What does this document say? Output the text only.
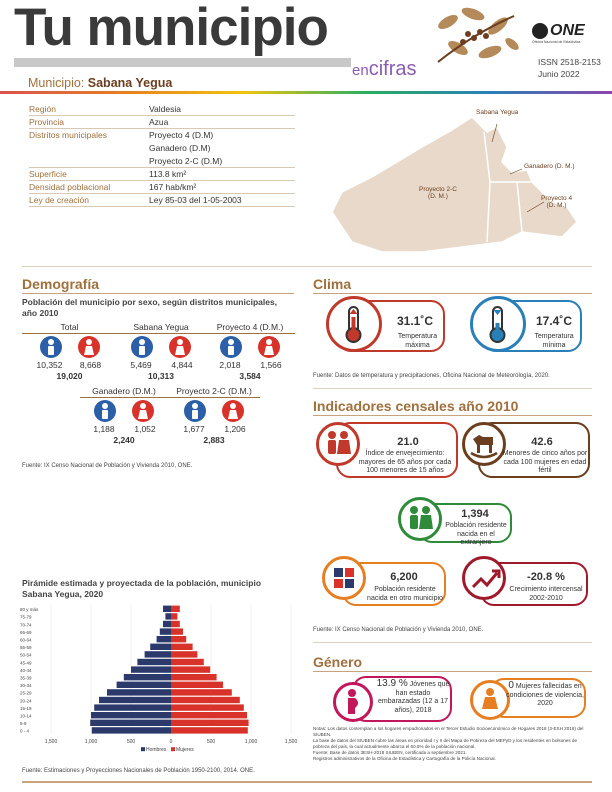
Tu municipio
encifras
ONE
Oficina Nacional de Estadística
ISSN 2518-2153
Junio 2022
Municipio: Sabana Yegua
Región	Valdesia
Provincia	Azua
Distritos municipales	Proyecto 4 (D.M)
Ganadero (D.M)
Proyecto 2-C (D.M)
Superficie	113.8 km²
Densidad poblacional	167 hab/km²
Ley de creación	Ley 85-03 del 1-05-2003
Sabana Yegua
Proyecto 2-C
(D. M.)
Ganadero (D. M.)
Proyecto 4
(D. M.)
Demografía
Población del municipio por sexo, según distritos municipales, año 2010
Total
10,352	8,668
19,020
Sabana Yegua
5,469	4,844
10,313
Proyecto 4 (D.M.)
2,018	1,566
3,584
Ganadero (D.M.)
1,188	1,052
2,240
Proyecto 2-C (D.M.)
1,677	1,206
2,883
Fuente: IX Censo Nacional de Población y Vivienda 2010, ONE.
Pirámide estimada y proyectada de la población, municipio Sabana Yegua, 2020
80 y más
75-79
70-74
65-69
60-64
55-59
50-54
45-49
40-44
35-39
30-34
25-29
20-24
15-19
10-14
5-9
0 - 4
1,500	1,000	500	0	500	1,000	1,500
Hombres Mujeres
Fuente: Estimaciones y Proyecciones Nacionales de Población 1950-2100, 2014. ONE.
Clima
31.1˚C
Temperatura máxima
17.4˚C
Temperatura mínima
Fuente: Datos de temperatura y precipitaciones, Oficina Nacional de Meteorología, 2020.
Indicadores censales año 2010
21.0
Índice de envejecimiento: mayores de 65 años por cada 100 menores de 15 años
42.6
Menores de cinco años por cada 100 mujeres en edad fértil
1,394
Población residente nacida en el extranjero
6,200
Población residente nacida en otro municipio
-20.8 %
Crecimiento intercensal 2002-2010
Fuente: IX Censo Nacional de Población y Vivienda 2010, ONE.
Género
13.9 % Jóvenes que han estado embarazadas (12 a 17 años), 2018
0 Mujeres fallecidas en condiciones de violencia, 2020
Notas: Los datos contemplan a los hogares empadronados en el Tercer Estudio Socioeconómico de Hogares 2018 (3-ESH 2018) del SIUBEN.
La base de datos del SIUBEN cubre las áreas en prioridad I y II del Mapa de Pobreza del MEPyD y los residentes en bolsones de pobreza del país, la cual actualmente abarca el 60.5% de la población nacional.
Fuente: Base de datos 3ESH-2018 SIUBEN, certificada a septiembre 2021.
Registros administrativos de la Oficina de Estadística y Cartografía de la Policía Nacional.
